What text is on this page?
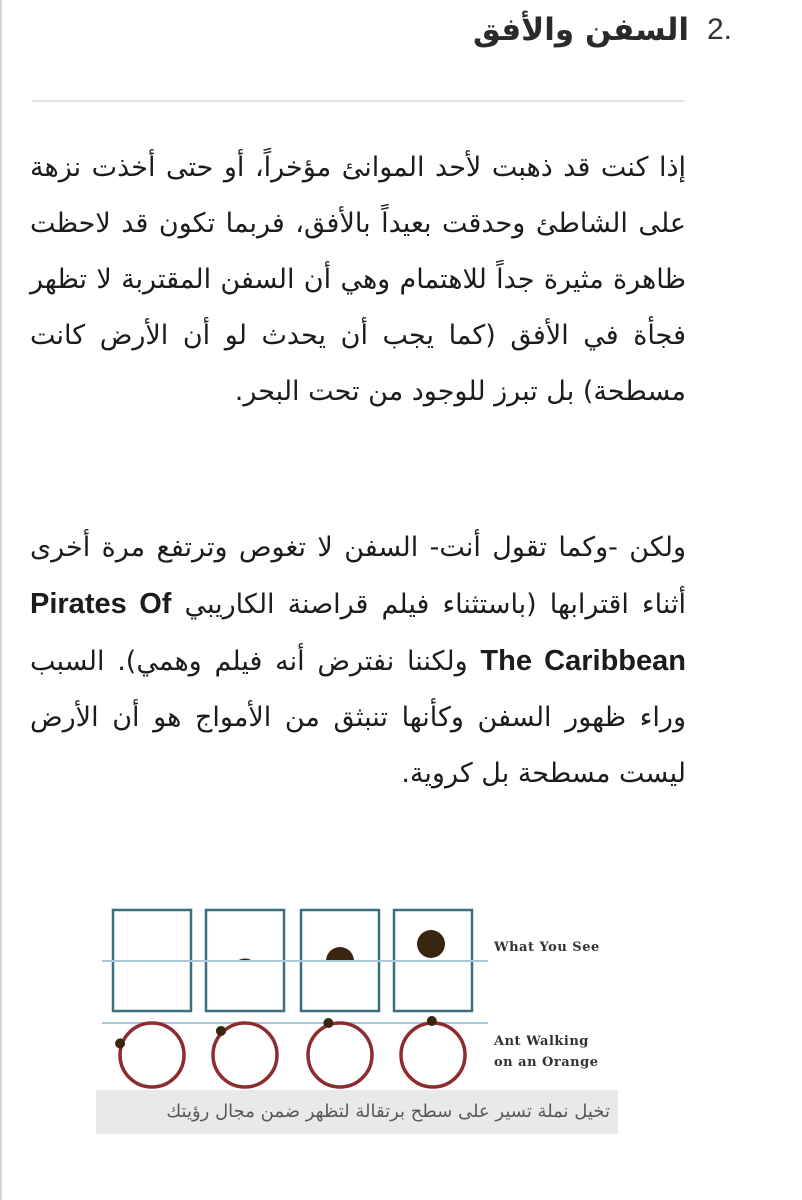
السفن والأفق 2.

إذا كنت قد ذهبت لأحد الموانئ مؤخراً، أو حتى أخذت نزهة على الشاطئ وحدقت بعيداً بالأفق، فربما تكون قد لاحظت ظاهرة مثيرة جداً للاهتمام وهي أن السفن المقتربة لا تظهر فجأة في الأفق (كما يجب أن يحدث لو أن الأرض كانت مسطحة) بل تبرز للوجود من تحت البحر.

ولكن -وكما تقول أنت- السفن لا تغوص وترتفع مرة أخرى أثناء اقترابها (باستثناء فيلم قراصنة الكاريبي Pirates Of The Caribbean ولكننا نفترض أنه فيلم وهمي). السبب وراء ظهور السفن وكأنها تنبثق من الأمواج هو أن الأرض ليست مسطحة بل كروية.

What You See
Ant Walking
on an Orange
تخيل نملة تسير على سطح برتقالة لتظهر ضمن مجال رؤيتك
